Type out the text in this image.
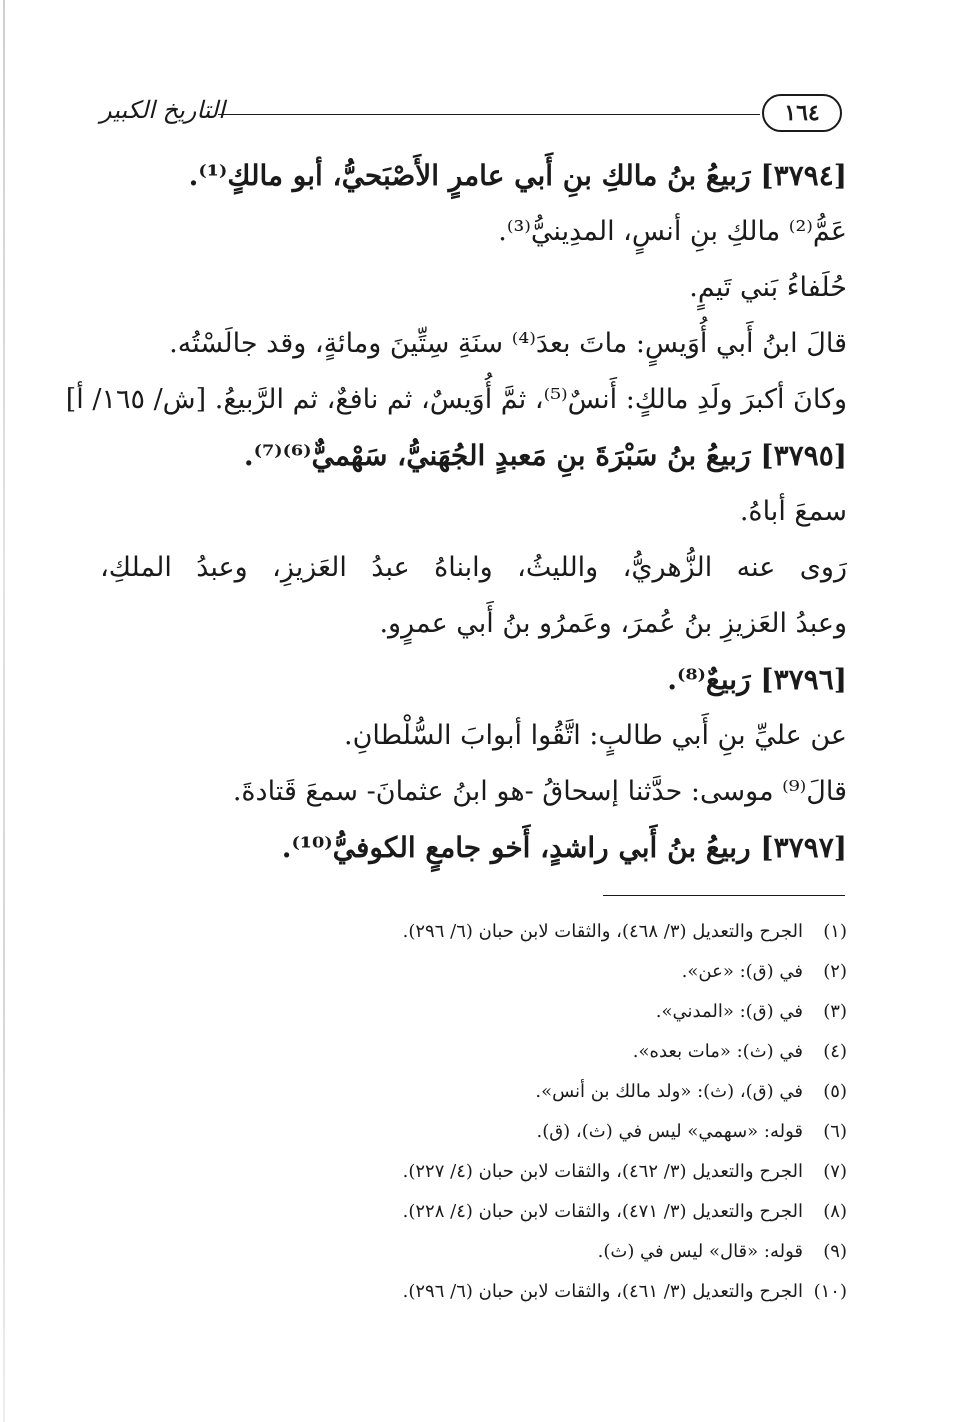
١٦٤
التاريخ الكبير
[٣٧٩٤] رَبيعُ بنُ مالكِ بنِ أَبي عامرٍ الأَصْبَحيُّ، أبو مالكٍ⁽¹⁾.
عَمُّ⁽²⁾ مالكِ بنِ أنسٍ، المدِينيُّ⁽³⁾.
حُلَفاءُ بَني تَيمٍ.
قالَ ابنُ أَبي أُوَيسٍ: ماتَ بعدَ⁽⁴⁾ سنَةِ سِتِّينَ ومائةٍ، وقد جالَسْتُه.
وكانَ أكبرَ ولَدِ مالكٍ: أَنسٌ⁽⁵⁾، ثمَّ أُوَيسٌ، ثم نافعٌ، ثم الرَّبيعُ. [ش/ ١٦٥/ أ]
[٣٧٩٥] رَبيعُ بنُ سَبْرَةَ بنِ مَعبدٍ الجُهَنيُّ، سَهْميٌّ⁽⁶⁾⁽⁷⁾.
سمعَ أباهُ.
رَوى
عنه
الزُّهريُّ،
والليثُ،
وابناهُ
عبدُ
العَزيزِ،
وعبدُ
الملكِ،
وعبدُ العَزيزِ بنُ عُمرَ، وعَمرُو بنُ أَبي عمرٍو.
[٣٧٩٦] رَبيعٌ⁽⁸⁾.
عن عليِّ بنِ أَبي طالبٍ: اتَّقُوا أبوابَ السُّلْطانِ.
قالَ⁽⁹⁾ موسى: حدَّثنا إسحاقُ -هو ابنُ عثمانَ- سمعَ قَتادةَ.
[٣٧٩٧] ربيعُ بنُ أَبي راشدٍ، أَخو جامعٍ الكوفيُّ⁽¹⁰⁾.
(١)الجرح والتعديل (٣/ ٤٦٨)، والثقات لابن حبان (٦/ ٢٩٦).
(٢)في (ق): «عن».
(٣)في (ق): «المدني».
(٤)في (ث): «مات بعده».
(٥)في (ق)، (ث): «ولد مالك بن أنس».
(٦)قوله: «سهمي» ليس في (ث)، (ق).
(٧)الجرح والتعديل (٣/ ٤٦٢)، والثقات لابن حبان (٤/ ٢٢٧).
(٨)الجرح والتعديل (٣/ ٤٧١)، والثقات لابن حبان (٤/ ٢٢٨).
(٩)قوله: «قال» ليس في (ث).
(١٠)الجرح والتعديل (٣/ ٤٦١)، والثقات لابن حبان (٦/ ٢٩٦).
